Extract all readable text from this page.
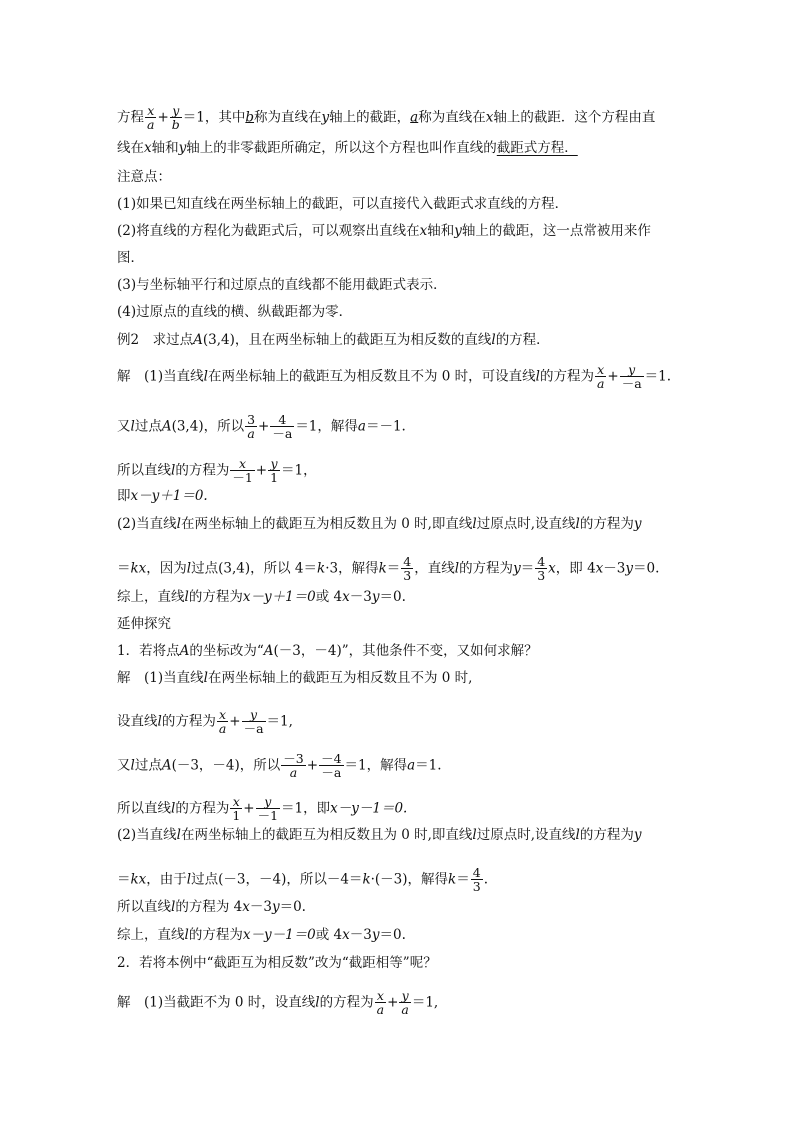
方程 $\frac{x}{a} + \frac{y}{b} =1$，其中b称为直线在y轴上的截距，a称为直线在x轴上的截距．这个方程由直
线在x轴和y轴上的非零截距所确定，所以这个方程也叫作直线的截距式方程．
注意点：
(1)如果已知直线在两坐标轴上的截距，可以直接代入截距式求直线的方程．
(2)将直线的方程化为截距式后，可以观察出直线在x轴和y轴上的截距，这一点常被用来作
图．
(3)与坐标轴平行和过原点的直线都不能用截距式表示．
(4)过原点的直线的横、纵截距都为零．
例2　求过点A(3,4)，且在两坐标轴上的截距互为相反数的直线l的方程．
解　(1)当直线l在两坐标轴上的截距互为相反数且不为 0 时，可设直线l的方程为 $\frac{x}{a} + \frac{y}{-a} =1$.
又l过点A(3,4)，所以 $\frac{3}{a} + \frac{4}{-a} =1$，解得a＝－1.
所以直线l的方程为 $\frac{x}{-1} + \frac{y}{1} =1$，
即x－y＋1＝0.
(2)当直线l在两坐标轴上的截距互为相反数且为 0 时,即直线l过原点时,设直线l的方程为y
＝kx，因为l过点(3,4)，所以 4＝k·3，解得$k= \frac{4}{3}$ ，直线l的方程为$y= \frac{4}{3}$ x，即 4x－3y＝0.
综上，直线l的方程为x－y＋1＝0或 4x－3y＝0.
延伸探究
1．若将点A的坐标改为“A(－3，－4)”，其他条件不变，又如何求解？
解　(1)当直线l在两坐标轴上的截距互为相反数且不为 0 时,
设直线l的方程为 $\frac{x}{a} + \frac{y}{-a} =1$,
又l过点A(－3，－4)，所以 $\frac{-3}{a} + \frac{-4}{-a} =1$，解得a＝1.
所以直线l的方程为 $\frac{x}{1} + \frac{y}{-1} =1$，即x－y－1＝0.
(2)当直线l在两坐标轴上的截距互为相反数且为 0 时,即直线l过原点时,设直线l的方程为y
＝kx，由于l过点(－3，－4)，所以－4＝k·(－3)，解得$k= \frac{4}{3}$ .
所以直线l的方程为 4x－3y＝0.
综上，直线l的方程为x－y－1＝0或 4x－3y＝0.
2．若将本例中“截距互为相反数”改为“截距相等”呢？
解　(1)当截距不为 0 时，设直线l的方程为 $\frac{x}{a} + \frac{y}{a} =1$,
